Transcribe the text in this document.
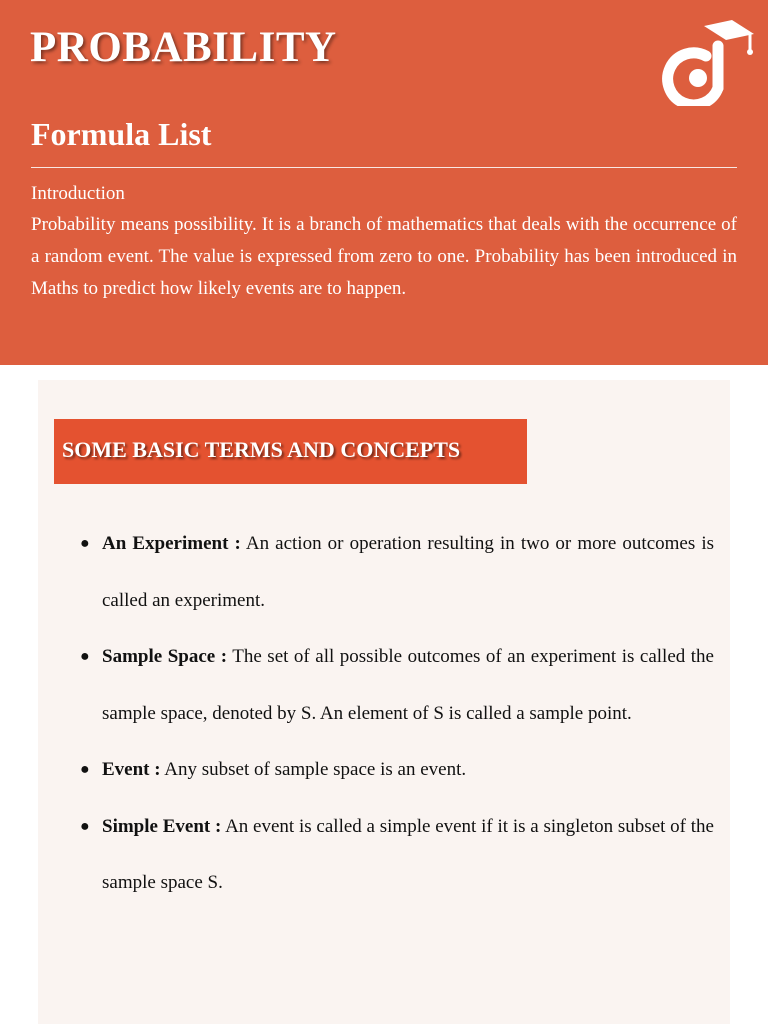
PROBABILITY
Formula List
Introduction

Probability means possibility. It is a branch of mathematics that deals with the occurrence of a random event. The value is expressed from zero to one. Probability has been introduced in Maths to predict how likely events are to happen.

SOME BASIC TERMS AND CONCEPTS
● An Experiment : An action or operation resulting in two or more outcomes is called an experiment.
● Sample Space : The set of all possible outcomes of an experiment is called the sample space, denoted by S. An element of S is called a sample point.
● Event : Any subset of sample space is an event.
● Simple Event : An event is called a simple event if it is a singleton subset of the sample space S.
